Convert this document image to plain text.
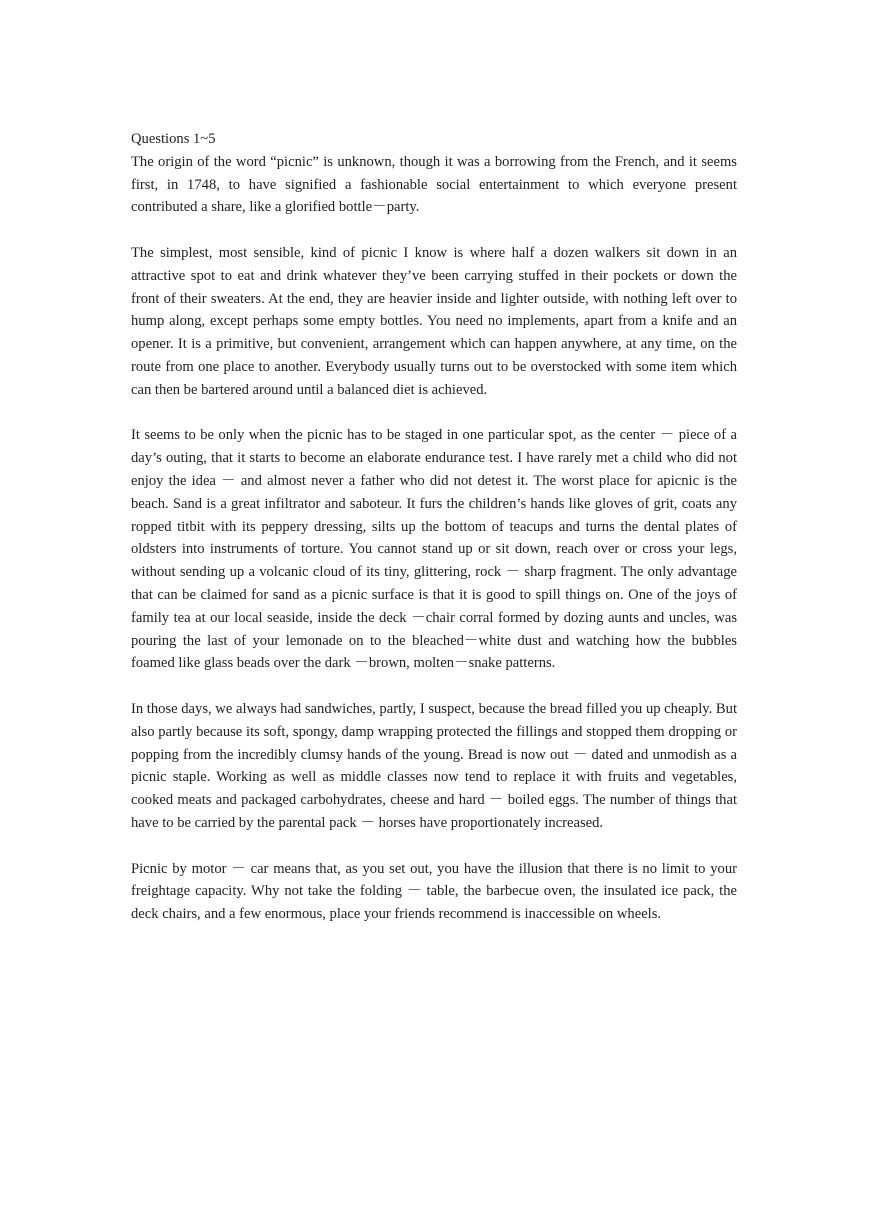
Questions 1~5

The origin of the word “picnic” is unknown, though it was a borrowing from the French, and it seems first, in 1748, to have signified a fashionable social entertainment to which everyone present contributed a share, like a glorified bottle－party.

The simplest, most sensible, kind of picnic I know is where half a dozen walkers sit down in an attractive spot to eat and drink whatever they’ve been carrying stuffed in their pockets or down the front of their sweaters. At the end, they are heavier inside and lighter outside, with nothing left over to hump along, except perhaps some empty bottles. You need no implements, apart from a knife and an opener. It is a primitive, but convenient, arrangement which can happen anywhere, at any time, on the route from one place to another. Everybody usually turns out to be overstocked with some item which can then be bartered around until a balanced diet is achieved.

It seems to be only when the picnic has to be staged in one particular spot, as the center － piece of a day’s outing, that it starts to become an elaborate endurance test. I have rarely met a child who did not enjoy the idea － and almost never a father who did not detest it. The worst place for apicnic is the beach. Sand is a great infiltrator and saboteur. It furs the children’s hands like gloves of grit, coats any ropped titbit with its peppery dressing, silts up the bottom of teacups and turns the dental plates of oldsters into instruments of torture. You cannot stand up or sit down, reach over or cross your legs, without sending up a volcanic cloud of its tiny, glittering, rock － sharp fragment. The only advantage that can be claimed for sand as a picnic surface is that it is good to spill things on. One of the joys of family tea at our local seaside, inside the deck －chair corral formed by dozing aunts and uncles, was pouring the last of your lemonade on to the bleached－white dust and watching how the bubbles foamed like glass beads over the dark －brown, molten－snake patterns.

In those days, we always had sandwiches, partly, I suspect, because the bread filled you up cheaply. But also partly because its soft, spongy, damp wrapping protected the fillings and stopped them dropping or popping from the incredibly clumsy hands of the young. Bread is now out － dated and unmodish as a picnic staple. Working as well as middle classes now tend to replace it with fruits and vegetables, cooked meats and packaged carbohydrates, cheese and hard － boiled eggs. The number of things that have to be carried by the parental pack － horses have proportionately increased.

Picnic by motor － car means that, as you set out, you have the illusion that there is no limit to your freightage capacity. Why not take the folding － table, the barbecue oven, the insulated ice pack, the deck chairs, and a few enormous, place your friends recommend is inaccessible on wheels.
